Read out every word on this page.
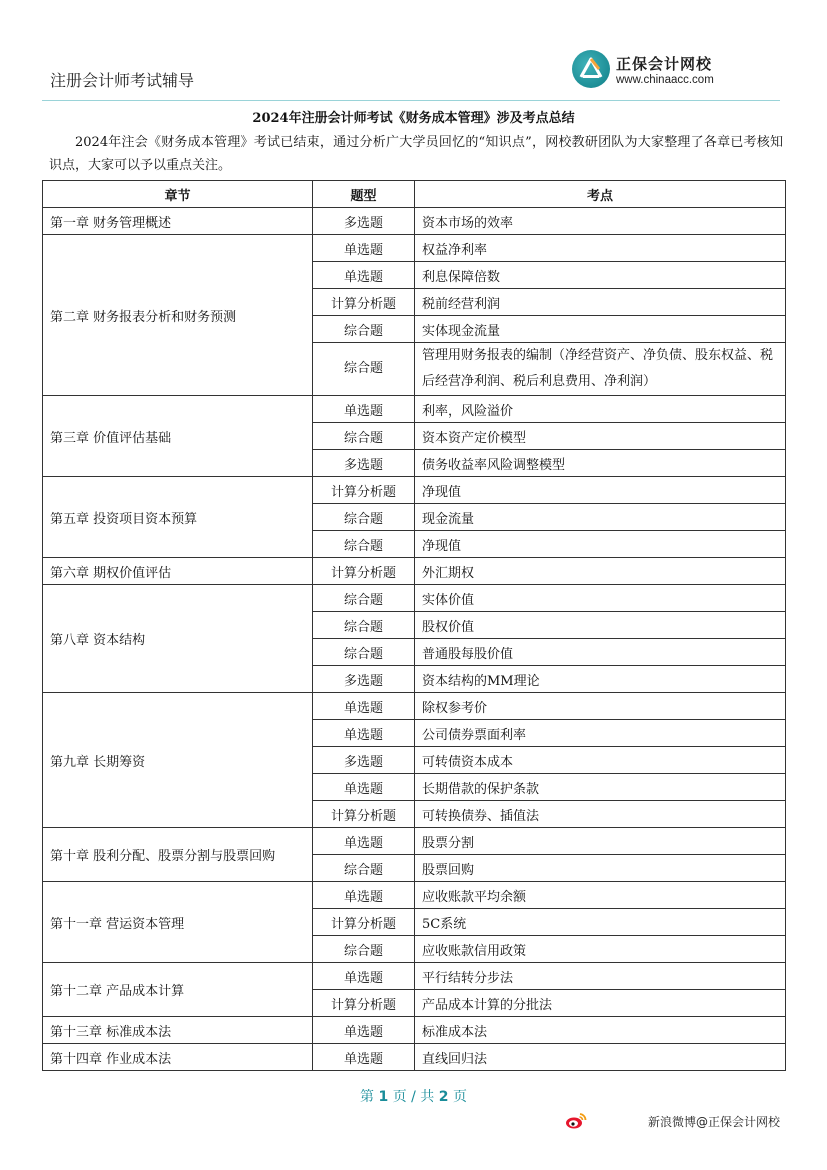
注册会计师考试辅导
正保会计网校
www.chinaacc.com
2024年注册会计师考试《财务成本管理》涉及考点总结
2024年注会《财务成本管理》考试已结束，通过分析广大学员回忆的“知识点”，网校教研团队为大家整理了各章已考核知识点，大家可以予以重点关注。
章节	题型	考点
第一章 财务管理概述	多选题	资本市场的效率
第二章 财务报表分析和财务预测	单选题	权益净利率
	单选题	利息保障倍数
	计算分析题	税前经营利润
	综合题	实体现金流量
	综合题	管理用财务报表的编制（净经营资产、净负债、股东权益、税后经营净利润、税后利息费用、净利润）
第三章 价值评估基础	单选题	利率，风险溢价
	综合题	资本资产定价模型
	多选题	债务收益率风险调整模型
第五章 投资项目资本预算	计算分析题	净现值
	综合题	现金流量
	综合题	净现值
第六章 期权价值评估	计算分析题	外汇期权
第八章 资本结构	综合题	实体价值
	综合题	股权价值
	综合题	普通股每股价值
	多选题	资本结构的MM理论
第九章 长期筹资	单选题	除权参考价
	单选题	公司债券票面利率
	多选题	可转债资本成本
	单选题	长期借款的保护条款
	计算分析题	可转换债券、插值法
第十章 股利分配、股票分割与股票回购	单选题	股票分割
	综合题	股票回购
第十一章 营运资本管理	单选题	应收账款平均余额
	计算分析题	5C系统
	综合题	应收账款信用政策
第十二章 产品成本计算	单选题	平行结转分步法
	计算分析题	产品成本计算的分批法
第十三章 标准成本法	单选题	标准成本法
第十四章 作业成本法	单选题	直线回归法
第 1 页 / 共 2 页
新浪微博@正保会计网校
